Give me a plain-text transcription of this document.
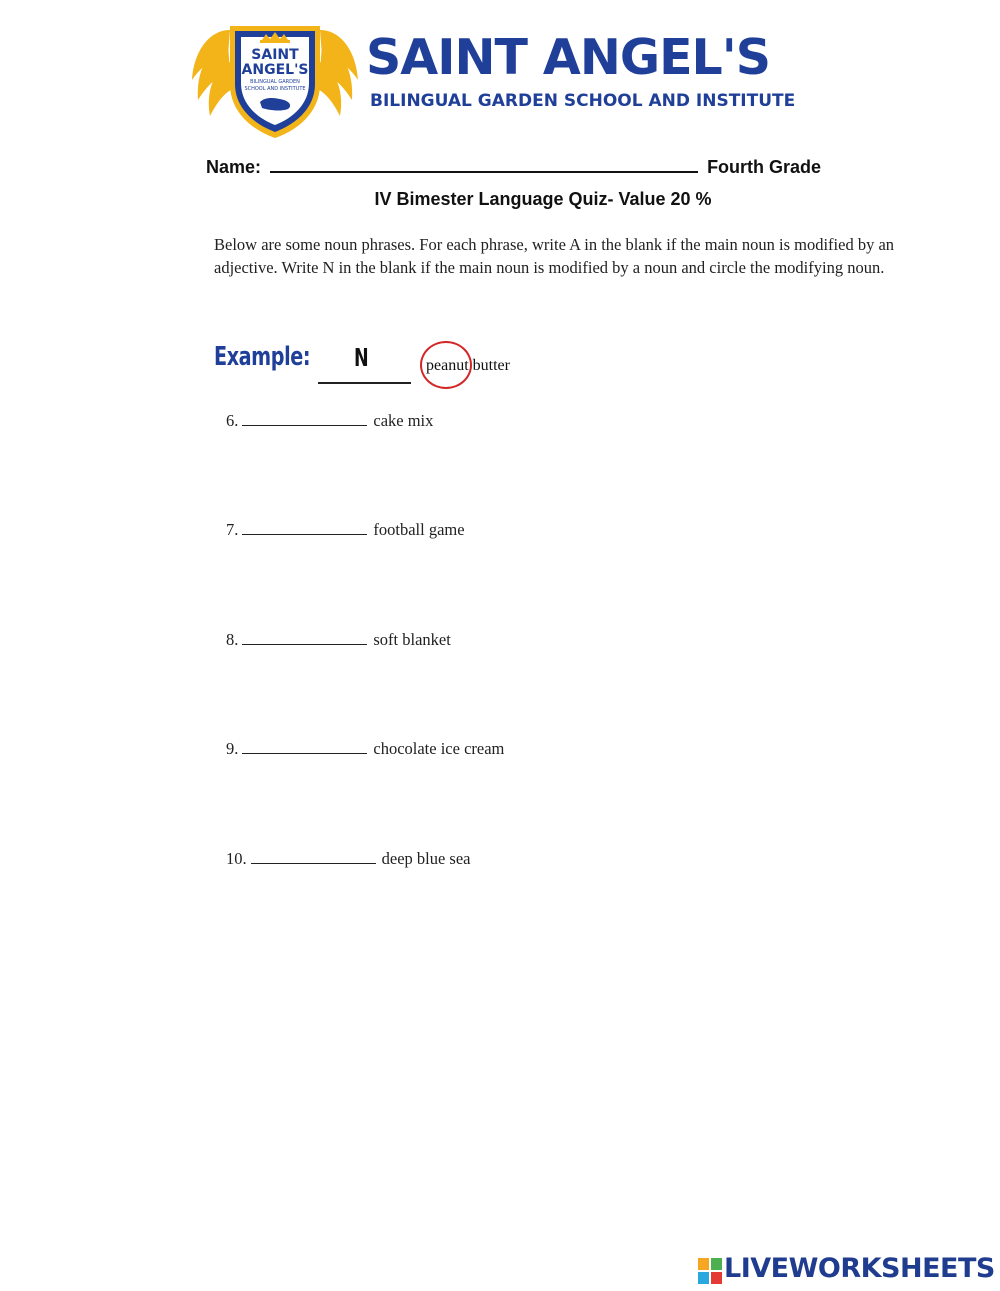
SAINT
ANGEL'S
BILINGUAL GARDEN
SCHOOL AND INSTITUTE
SAINT ANGEL'S
BILINGUAL GARDEN SCHOOL AND INSTITUTE
Name:	Fourth Grade
IV Bimester Language Quiz- Value 20 %
Below are some noun phrases. For each phrase, write A in the blank if the main noun is modified by an adjective. Write N in the blank if the main noun is modified by a noun and circle the modifying noun.
Example: N	peanut butter
6.	cake mix
7.	football game
8.	soft blanket
9.	chocolate ice cream
10.	deep blue sea
LIVEWORKSHEETS
